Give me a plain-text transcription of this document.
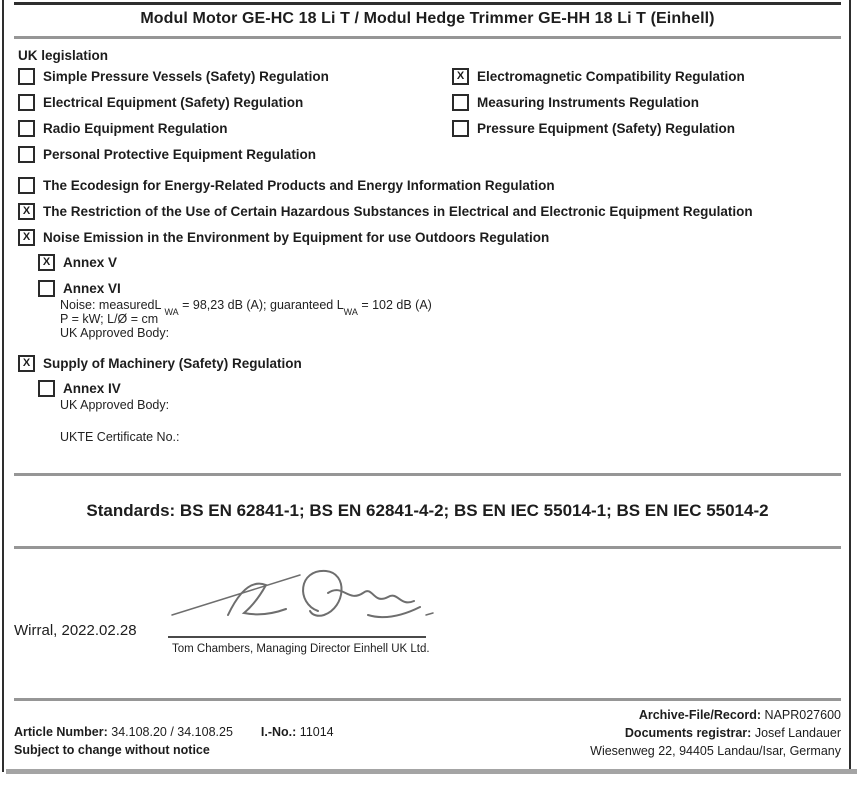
Modul Motor GE-HC 18 Li T / Modul Hedge Trimmer GE-HH 18 Li T (Einhell)
UK legislation
Simple Pressure Vessels (Safety) Regulation
Electrical Equipment (Safety) Regulation
Radio Equipment Regulation
Personal Protective Equipment Regulation
X Electromagnetic Compatibility Regulation
Measuring Instruments Regulation
Pressure Equipment (Safety) Regulation
The Ecodesign for Energy-Related Products and Energy Information Regulation
X The Restriction of the Use of Certain Hazardous Substances in Electrical and Electronic Equipment Regulation
X Noise Emission in the Environment by Equipment for use Outdoors Regulation
X Annex V
Annex VI
Noise: measuredL $_{WA}$ = 98,23 dB (A); guaranteed $L_{WA} = 102$ dB (A)
P = kW; L/Ø = cm
UK Approved Body:
X Supply of Machinery (Safety) Regulation
Annex IV
UK Approved Body:
UKTE Certificate No.:
Standards: BS EN 62841-1; BS EN 62841-4-2; BS EN IEC 55014-1; BS EN IEC 55014-2
Wirral, 2022.02.28
Tom Chambers, Managing Director Einhell UK Ltd.
Article Number: 34.108.20 / 34.108.25 I.-No.: 11014
Subject to change without notice
Archive-File/Record: NAPR027600
Documents registrar: Josef Landauer
Wiesenweg 22, 94405 Landau/Isar, Germany
